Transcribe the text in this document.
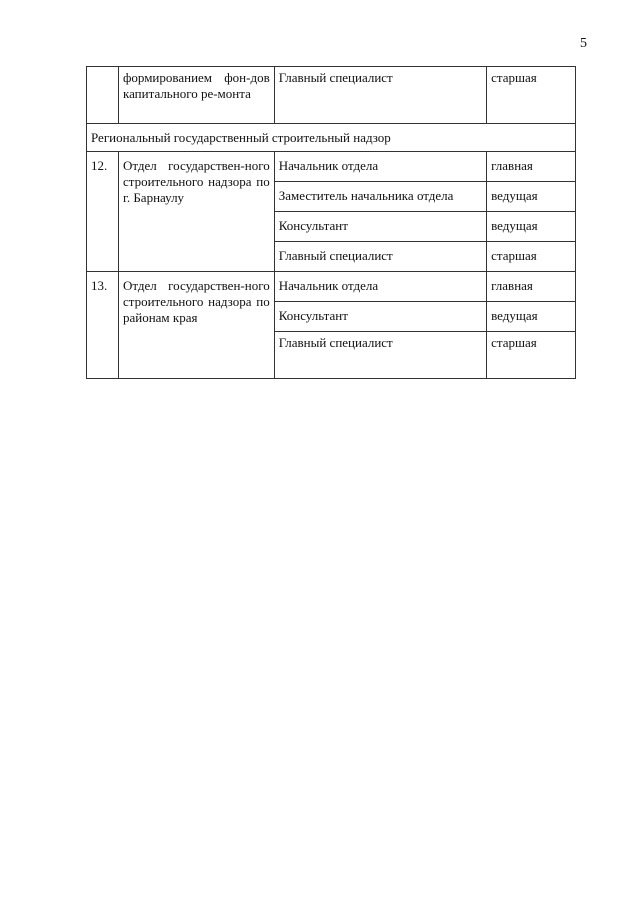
5

	формированием фон-дов капитального ре-монта	Главный специалист	старшая

Региональный государственный строительный надзор			

12.	Отдел государствен-ного строительного надзора по г. Барнаулу	Начальник отдела	главная

		Заместитель начальника отдела	ведущая

		Консультант	ведущая

		Главный специалист	старшая

13.	Отдел государствен-ного строительного надзора по районам края	Начальник отдела	главная

		Консультант	ведущая

		Главный специалист	старшая
